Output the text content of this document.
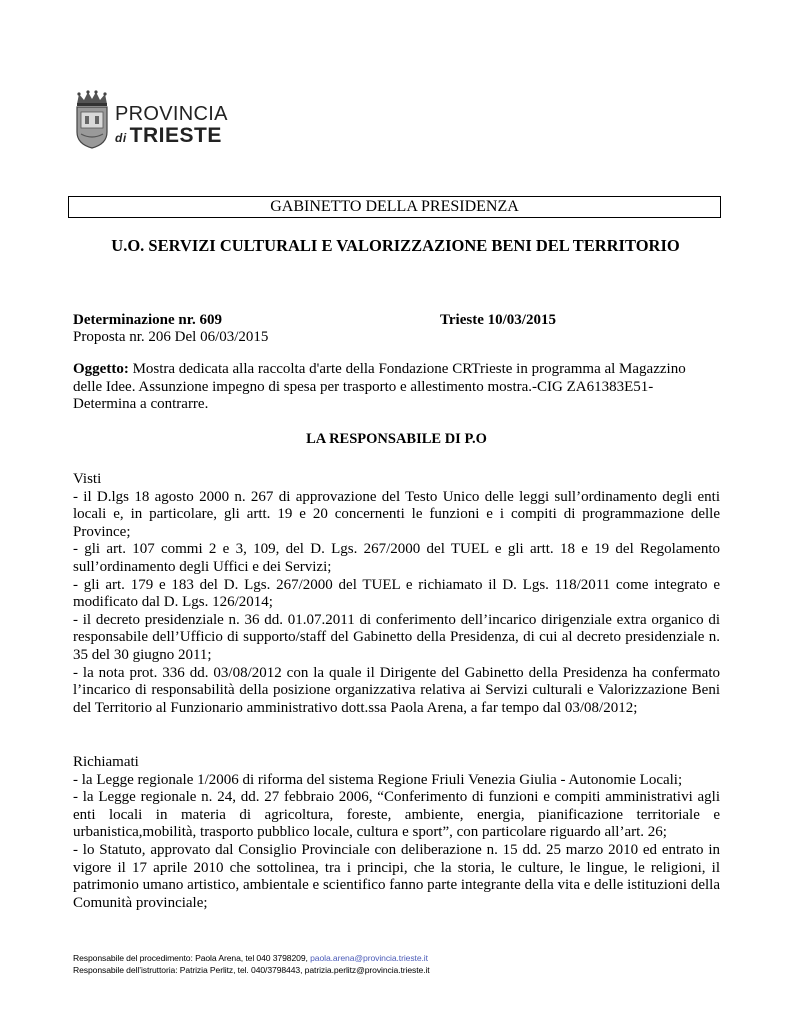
PROVINCIA
di TRIESTE
GABINETTO DELLA PRESIDENZA
U.O. SERVIZI CULTURALI E VALORIZZAZIONE BENI DEL TERRITORIO
Determinazione nr. 609	Trieste 10/03/2015
Proposta nr. 206 Del 06/03/2015
Oggetto: Mostra dedicata alla raccolta d'arte della Fondazione CRTrieste in programma al Magazzino delle Idee. Assunzione impegno di spesa per trasporto e allestimento mostra.-CIG ZA61383E51- Determina a contrarre.
LA RESPONSABILE DI P.O

Visti

- il D.lgs 18 agosto 2000 n. 267 di approvazione del Testo Unico delle leggi sull’ordinamento degli enti locali e, in particolare, gli artt. 19 e 20 concernenti le funzioni e i compiti di programmazione delle Province;

- gli art. 107 commi 2 e 3, 109, del D. Lgs. 267/2000 del TUEL e gli artt. 18 e 19 del Regolamento sull’ordinamento degli Uffici e dei Servizi;

- gli art. 179 e 183 del D. Lgs. 267/2000 del TUEL e richiamato il D. Lgs. 118/2011 come integrato e modificato dal D. Lgs. 126/2014;

- il decreto presidenziale n. 36 dd. 01.07.2011 di conferimento dell’incarico dirigenziale extra organico di responsabile dell’Ufficio di supporto/staff del Gabinetto della Presidenza, di cui al decreto presidenziale n. 35 del 30 giugno 2011;

- la nota prot. 336 dd. 03/08/2012 con la quale il Dirigente del Gabinetto della Presidenza ha confermato l’incarico di responsabilità della posizione organizzativa relativa ai Servizi culturali e Valorizzazione Beni del Territorio al Funzionario amministrativo dott.ssa Paola Arena, a far tempo dal 03/08/2012;

Richiamati

- la Legge regionale 1/2006 di riforma del sistema Regione Friuli Venezia Giulia - Autonomie Locali;

- la Legge regionale n. 24, dd. 27 febbraio 2006, “Conferimento di funzioni e compiti amministrativi agli enti locali in materia di agricoltura, foreste, ambiente, energia, pianificazione territoriale e urbanistica,mobilità, trasporto pubblico locale, cultura e sport”, con particolare riguardo all’art. 26;

- lo Statuto, approvato dal Consiglio Provinciale con deliberazione n. 15 dd. 25 marzo 2010 ed entrato in vigore il 17 aprile 2010 che sottolinea, tra i principi, che la storia, le culture, le lingue, le religioni, il patrimonio umano artistico, ambientale e scientifico fanno parte integrante della vita e delle istituzioni della Comunità provinciale;

Responsabile del procedimento: Paola Arena, tel 040 3798209, paola.arena@provincia.trieste.it
Responsabile dell’istruttoria: Patrizia Perlitz, tel. 040/3798443, patrizia.perlitz@provincia.trieste.it
